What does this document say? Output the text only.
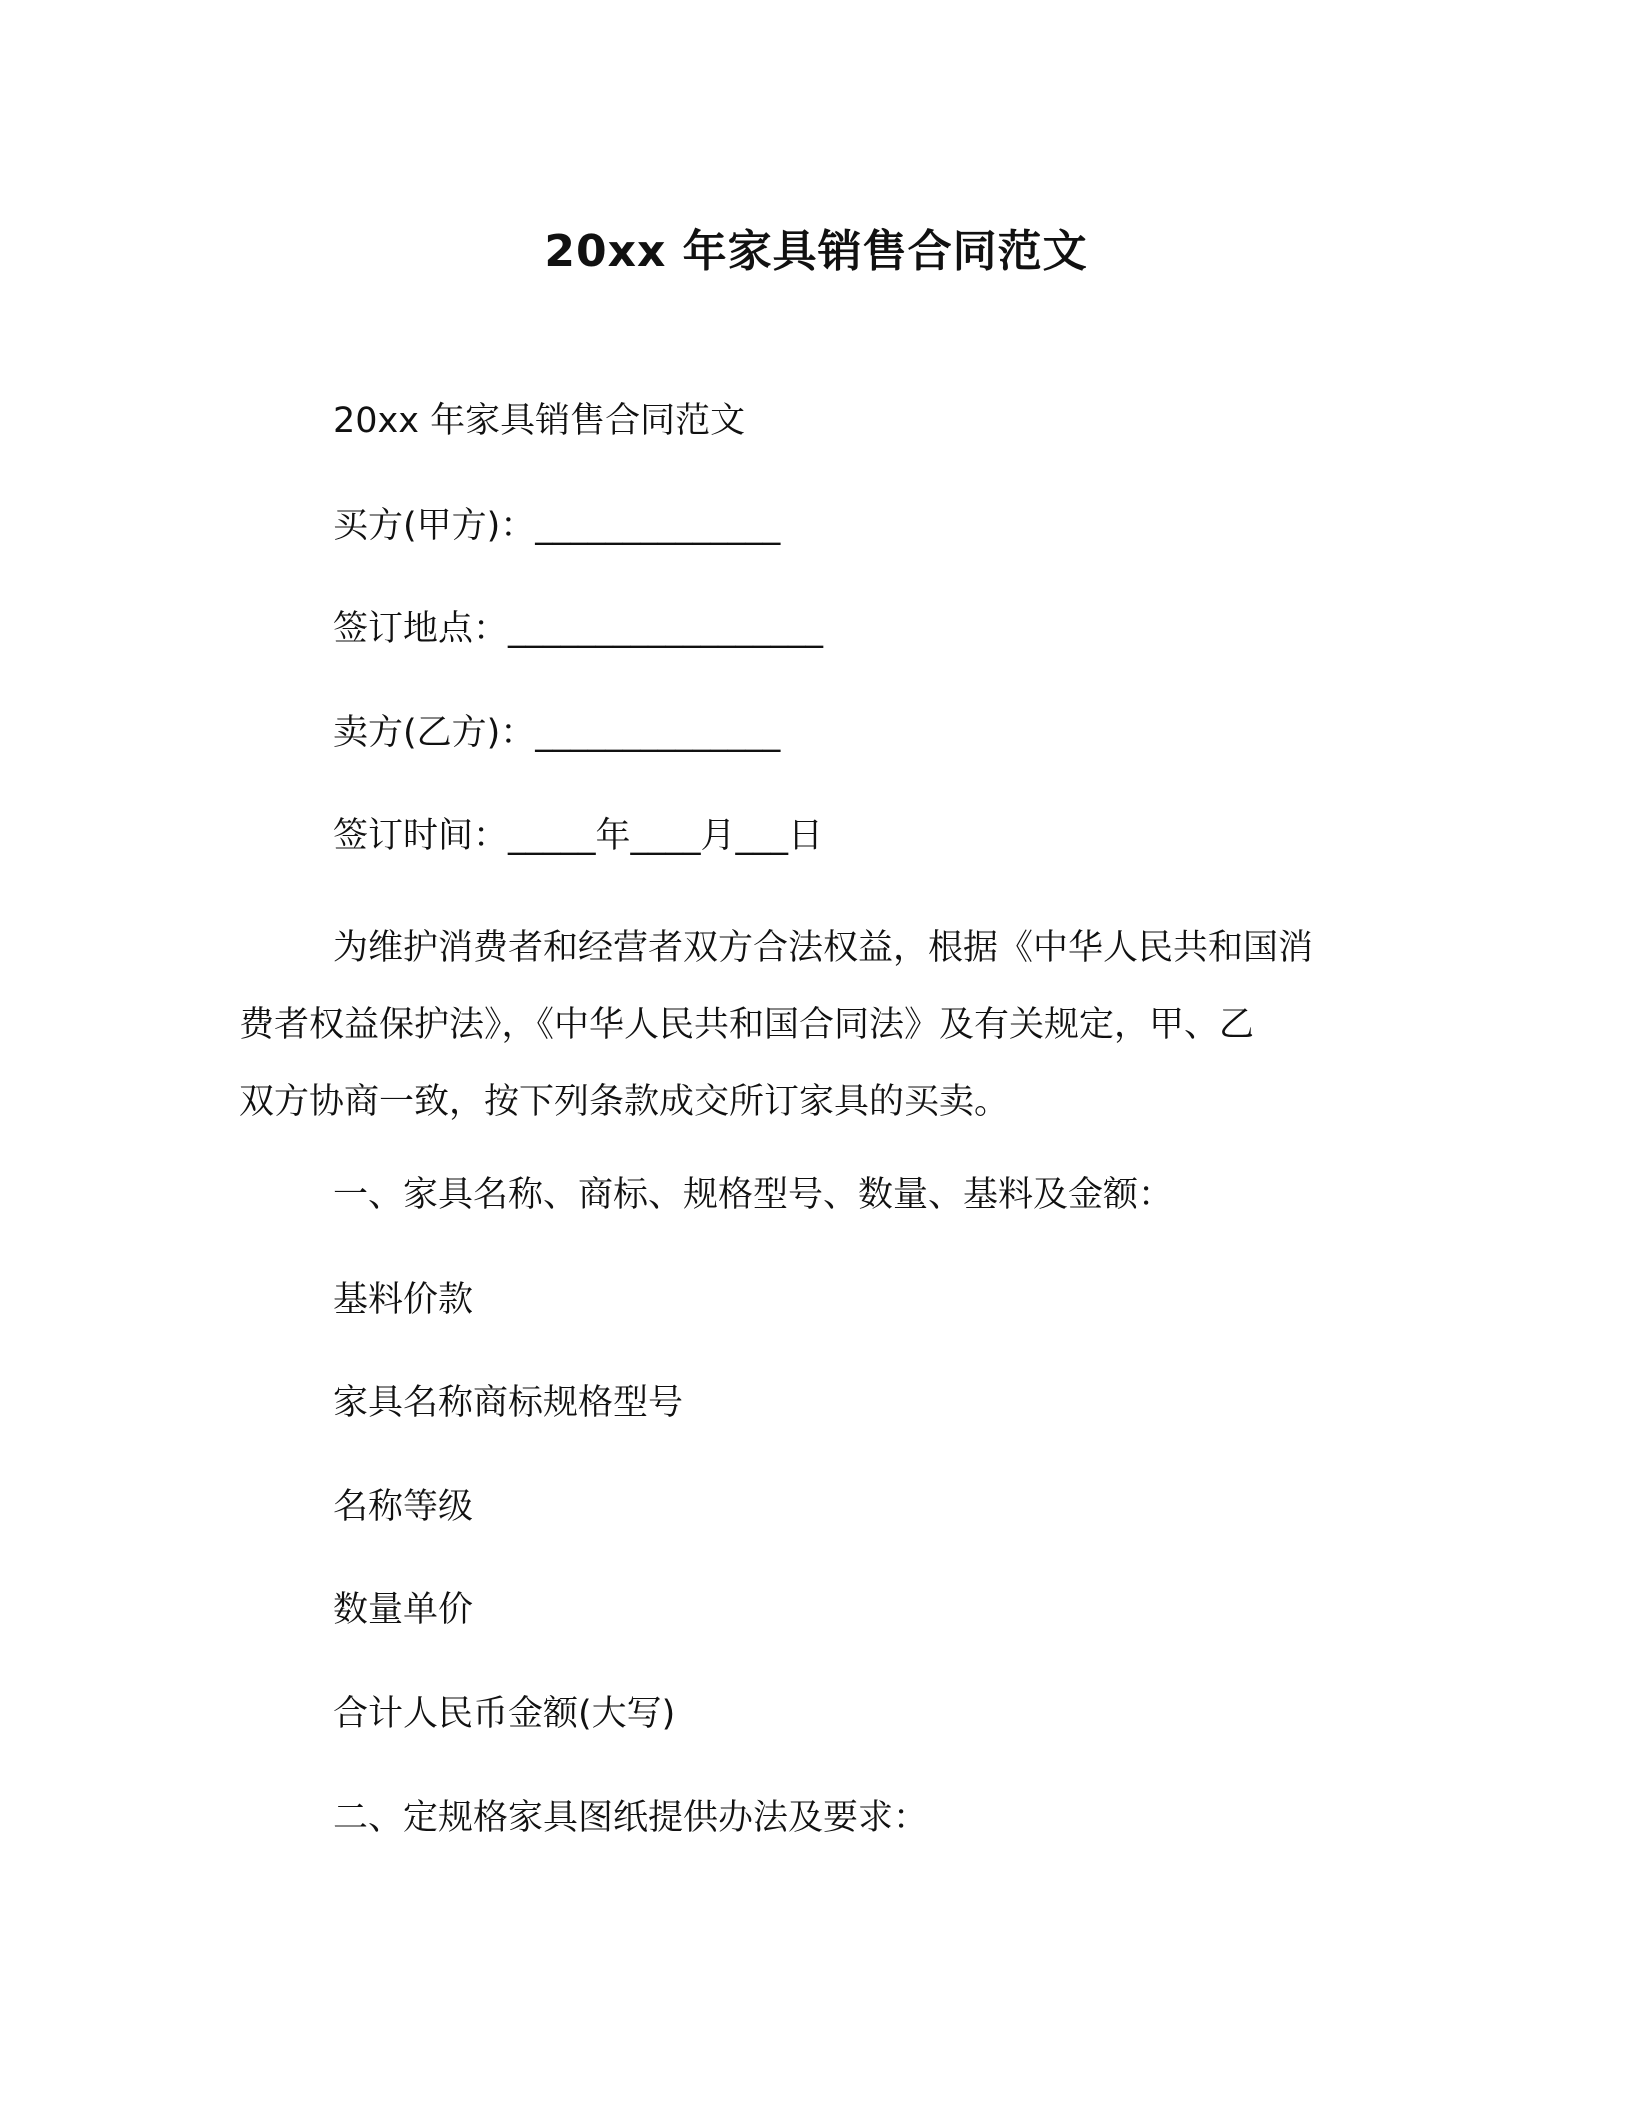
20xx 年家具销售合同范文
20xx 年家具销售合同范文
买方(甲方)：______________
签订地点：__________________
卖方(乙方)：______________
签订时间：_____年____月___日
为维护消费者和经营者双方合法权益，根据《中华人民共和国消
费者权益保护法》，《中华人民共和国合同法》及有关规定，甲、乙
双方协商一致，按下列条款成交所订家具的买卖。
一、家具名称、商标、规格型号、数量、基料及金额：
基料价款
家具名称商标规格型号
名称等级
数量单价
合计人民币金额(大写)
二、定规格家具图纸提供办法及要求：
